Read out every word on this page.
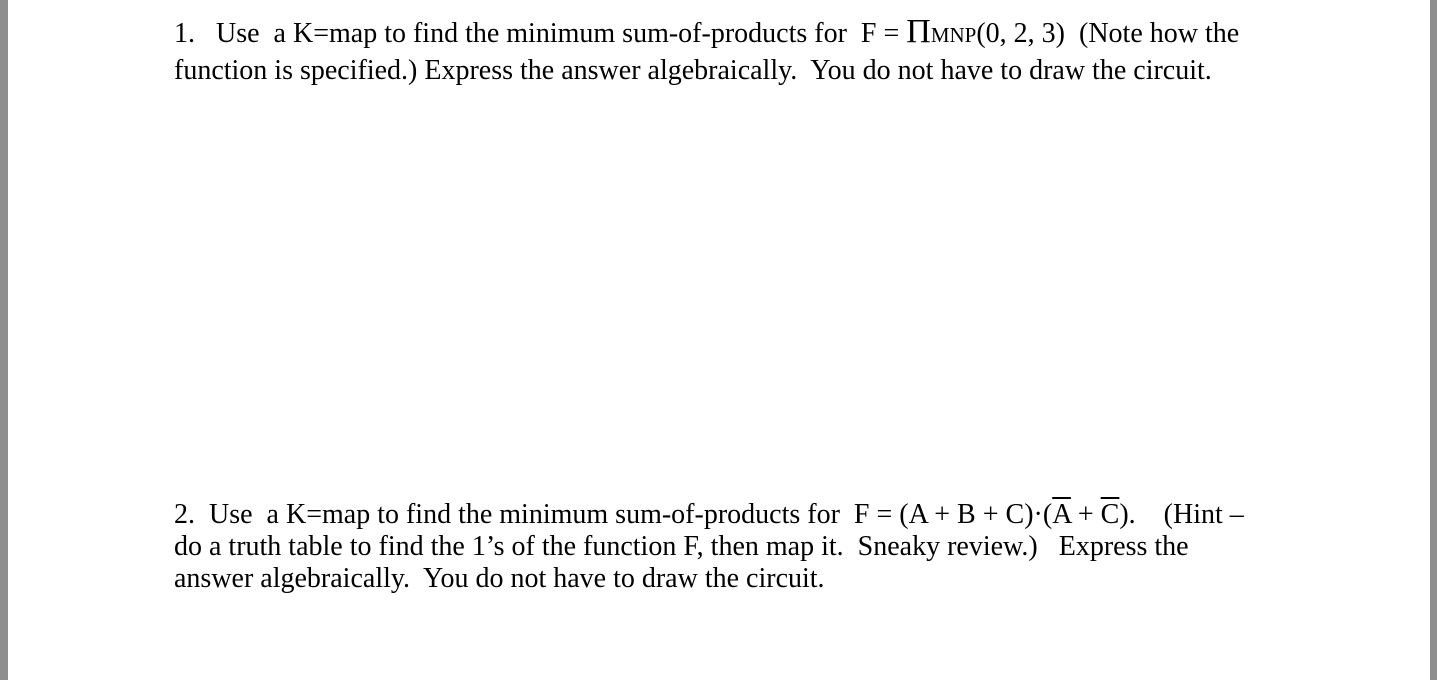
1.   Use  a K=map to find the minimum sum-of-products for  F = ΠMNP(0, 2, 3)  (Note how the
function is specified.) Express the answer algebraically.  You do not have to draw the circuit.
2.  Use  a K=map to find the minimum sum-of-products for  $F = (A + B + C)\cdot(\overline{A} + \overline{C})$.    (Hint –
do a truth table to find the 1’s of the function F, then map it.  Sneaky review.)   Express the
answer algebraically.  You do not have to draw the circuit.
